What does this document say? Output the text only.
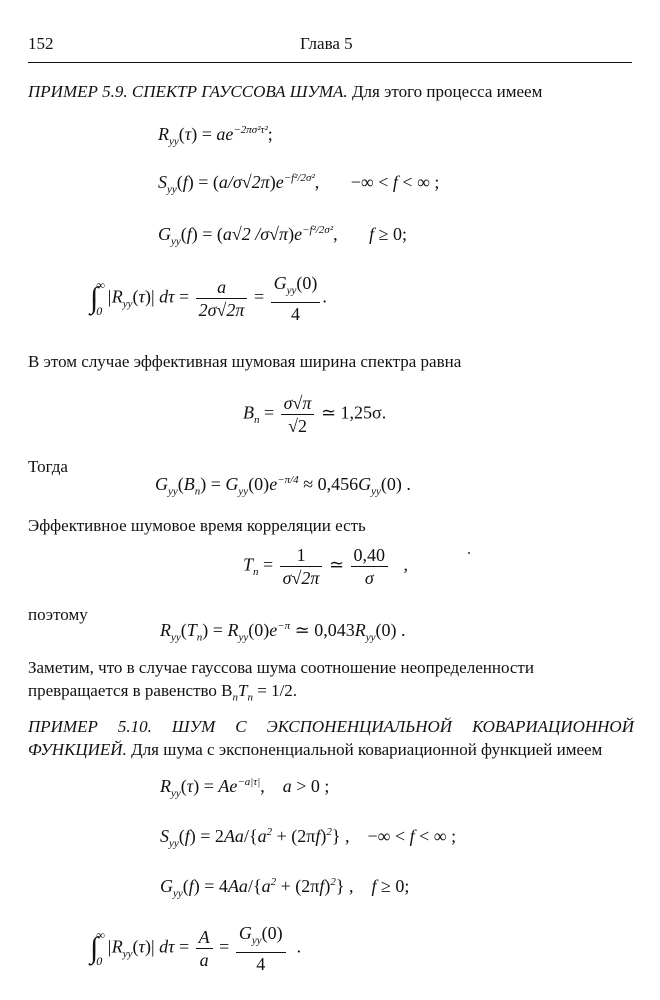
152	Глава 5
ПРИМЕР 5.9. СПЕКТР ГАУССОВА ШУМА. Для этого процесса имеем
$R_{yy}(\tau) = ae^{-2\pi\sigma^2\tau^2}$;
$S_{yy}(f) = (a/\sigma√2\pi)e^{-f^2/2\sigma^2}$, −∞ < f < ∞ ;
$G_{yy}(f) = (a√2$ $/\sigma√\pi)e^{-f^2/2\sigma^2}$,       f ≥ 0;
∫∞
$0|R_{yy}(\tau)|$ $d\tau = \frac{a}{2\sigma√2\pi} = \frac{G_{yy}(0)}{4}$ .
В этом случае эффективная шумовая ширина спектра равна
$B_n = \frac{\sigma√\pi}{√2}$ ≃ 1,25σ.
Тогда
$G_{yy}(B_n) = G_{yy}(0)e^{-\pi/4} \approx 0,456G_{yy}(0)$ .
Эффективное шумовое время корреляции есть
$T_n = \frac{1}{\sigma√2\pi}$ ≃ $\frac{0,40}{\sigma}$ ,
поэтому
$R_{yy}(T_n) = R_{yy}(0)e^{-\pi}$ ≃ $0,043R_{yy}(0)$ .
Заметим, что в случае гауссова шума соотношение неопределенности превращается в равенство $B_nT_n = 1/2$.
ПРИМЕР 5.10. ШУМ С ЭКСПОНЕНЦИАЛЬНОЙ КОВАРИАЦИОННОЙ ФУНКЦИЕЙ. Для шума с экспоненциальной ковариационной функцией имеем
$R_{yy}(\tau) = Ae^{-a|\tau|}$,    a > 0 ;
$S_{yy}(f) = 2Aa/\{a^2 + (2\pi f)^2\}$ , −∞ < f < ∞ ;
$G_{yy}(f) = 4Aa/\{a^2 + (2\pi f)^2\}$ ,    f ≥ 0;
∫∞
$0|R_{yy}(\tau)|$ $d\tau = \frac{A}{a} = \frac{G_{yy}(0)}{4}$ .
